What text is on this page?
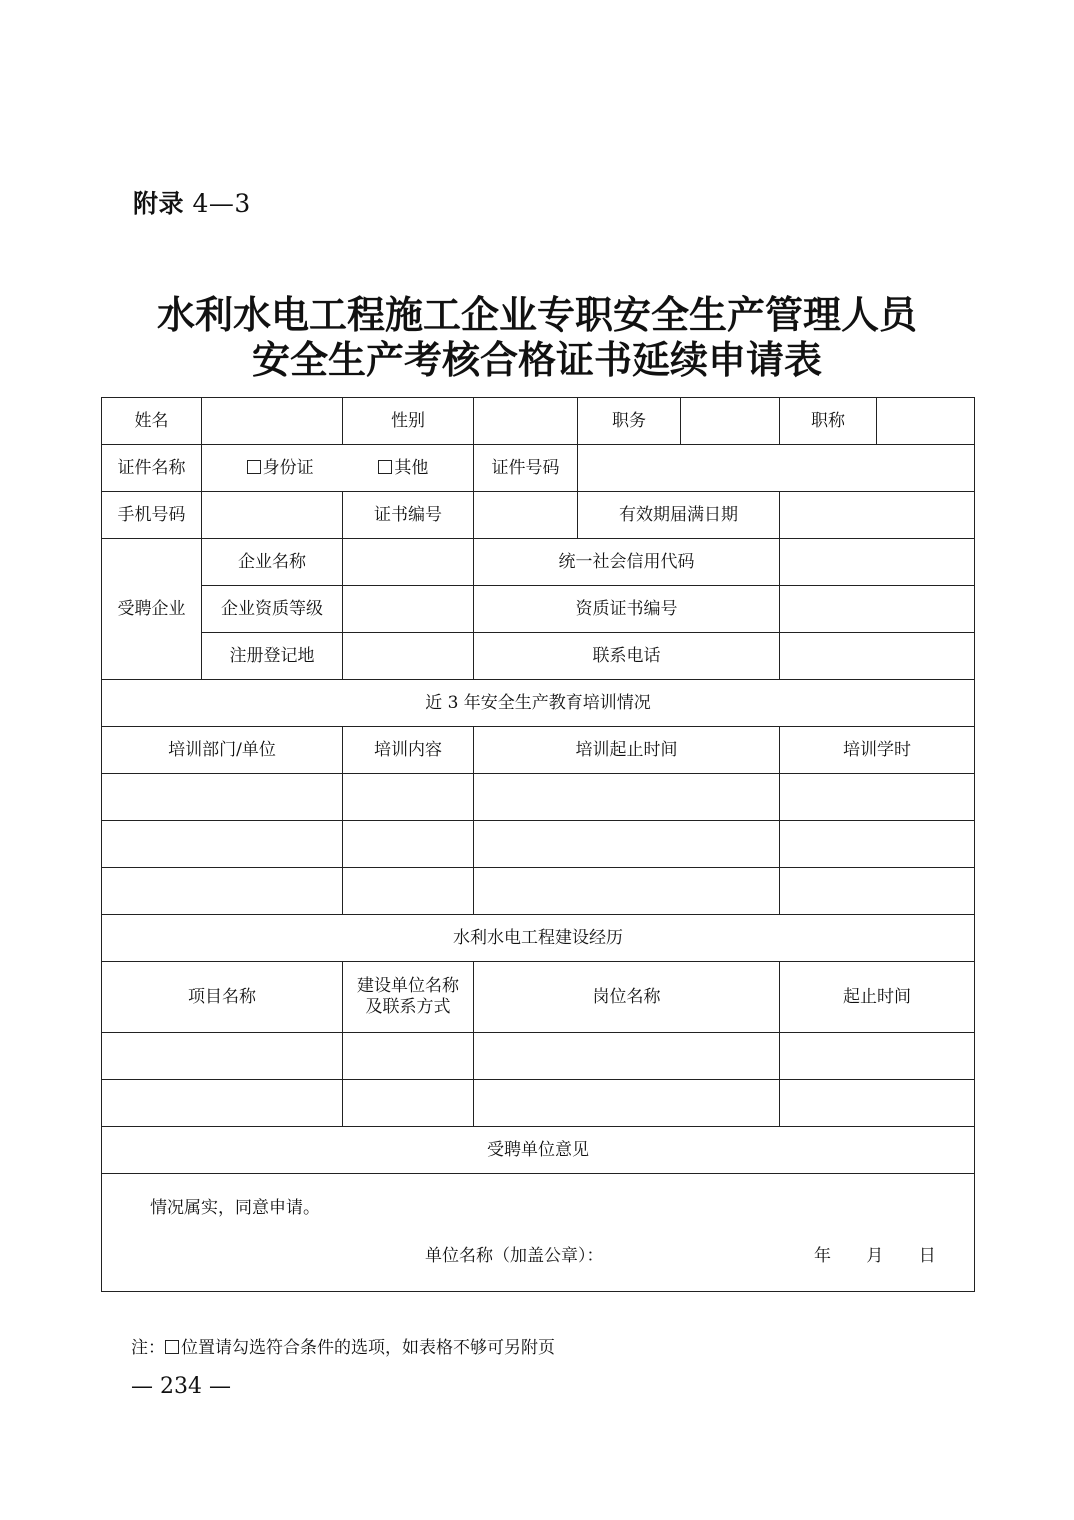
附录 4—3
水利水电工程施工企业专职安全生产管理人员
安全生产考核合格证书延续申请表
姓名		性别		职务		职称	
证件名称	身份证 其他		证件号码				
手机号码		证书编号		有效期届满日期			
受聘企业	企业名称		统一社会信用代码				
	企业资质等级		资质证书编号				
	注册登记地		联系电话				
近 3 年安全生产教育培训情况							
培训部门/单位		培训内容	培训起止时间			培训学时	

水利水电工程建设经历							
项目名称		建设单位名称及联系方式	岗位名称			起止时间	

受聘单位意见							

情况属实，同意申请。
单位名称（加盖公章）： 年 月 日							
注： 位置请勾选符合条件的选项，如表格不够可另附页
— 234 —
